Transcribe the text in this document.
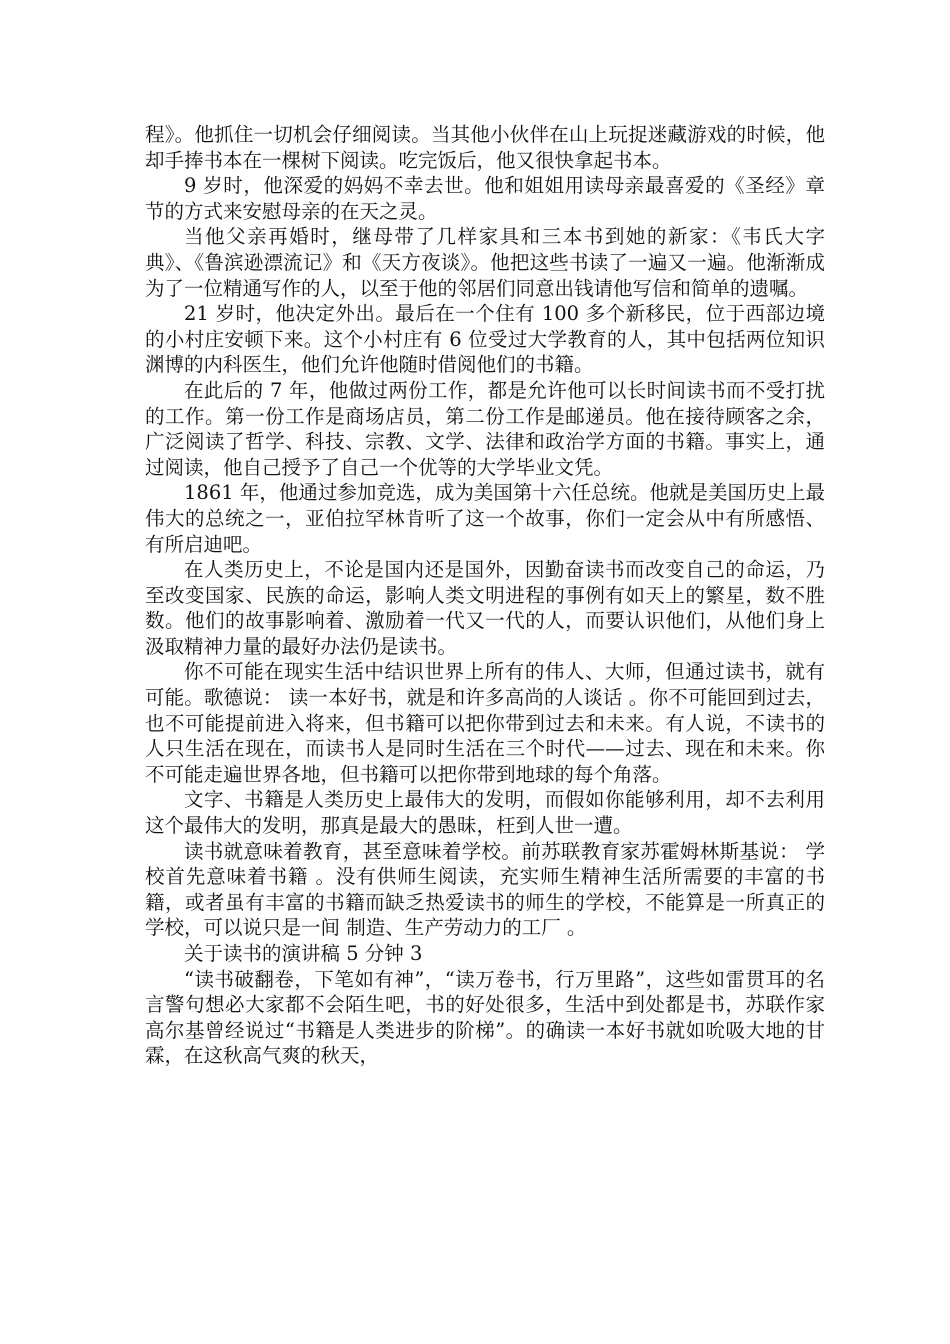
程》。他抓住一切机会仔细阅读。当其他小伙伴在山上玩捉迷藏游戏的时候，他却手捧书本在一棵树下阅读。吃完饭后，他又很快拿起书本。

9 岁时，他深爱的妈妈不幸去世。他和姐姐用读母亲最喜爱的《圣经》章节的方式来安慰母亲的在天之灵。

当他父亲再婚时，继母带了几样家具和三本书到她的新家：《韦氏大字典》、《鲁滨逊漂流记》和《天方夜谈》。他把这些书读了一遍又一遍。他渐渐成为了一位精通写作的人，以至于他的邻居们同意出钱请他写信和简单的遗嘱。

21 岁时，他决定外出。最后在一个住有 100 多个新移民，位于西部边境的小村庄安顿下来。这个小村庄有 6 位受过大学教育的人，其中包括两位知识渊博的内科医生，他们允许他随时借阅他们的书籍。

在此后的 7 年，他做过两份工作，都是允许他可以长时间读书而不受打扰的工作。第一份工作是商场店员，第二份工作是邮递员。他在接待顾客之余，广泛阅读了哲学、科技、宗教、文学、法律和政治学方面的书籍。事实上，通过阅读，他自己授予了自己一个优等的大学毕业文凭。

1861 年，他通过参加竞选，成为美国第十六任总统。他就是美国历史上最伟大的总统之一，亚伯拉罕林肯听了这一个故事，你们一定会从中有所感悟、有所启迪吧。

在人类历史上，不论是国内还是国外，因勤奋读书而改变自己的命运，乃至改变国家、民族的命运，影响人类文明进程的事例有如天上的繁星，数不胜数。他们的故事影响着、激励着一代又一代的人，而要认识他们，从他们身上汲取精神力量的最好办法仍是读书。

你不可能在现实生活中结识世界上所有的伟人、大师，但通过读书，就有可能。歌德说： 读一本好书，就是和许多高尚的人谈话 。你不可能回到过去，也不可能提前进入将来，但书籍可以把你带到过去和未来。有人说，不读书的人只生活在现在，而读书人是同时生活在三个时代——过去、现在和未来。你不可能走遍世界各地，但书籍可以把你带到地球的每个角落。

文字、书籍是人类历史上最伟大的发明，而假如你能够利用，却不去利用这个最伟大的发明，那真是最大的愚昧，枉到人世一遭。

读书就意味着教育，甚至意味着学校。前苏联教育家苏霍姆林斯基说： 学校首先意味着书籍 。没有供师生阅读，充实师生精神生活所需要的丰富的书籍，或者虽有丰富的书籍而缺乏热爱读书的师生的学校，不能算是一所真正的学校，可以说只是一间 制造、生产劳动力的工厂 。

关于读书的演讲稿 5 分钟 3

“读书破翻卷，下笔如有神”，“读万卷书，行万里路”，这些如雷贯耳的名言警句想必大家都不会陌生吧，书的好处很多，生活中到处都是书，苏联作家高尔基曾经说过“书籍是人类进步的阶梯”。的确读一本好书就如吮吸大地的甘霖，在这秋高气爽的秋天，
